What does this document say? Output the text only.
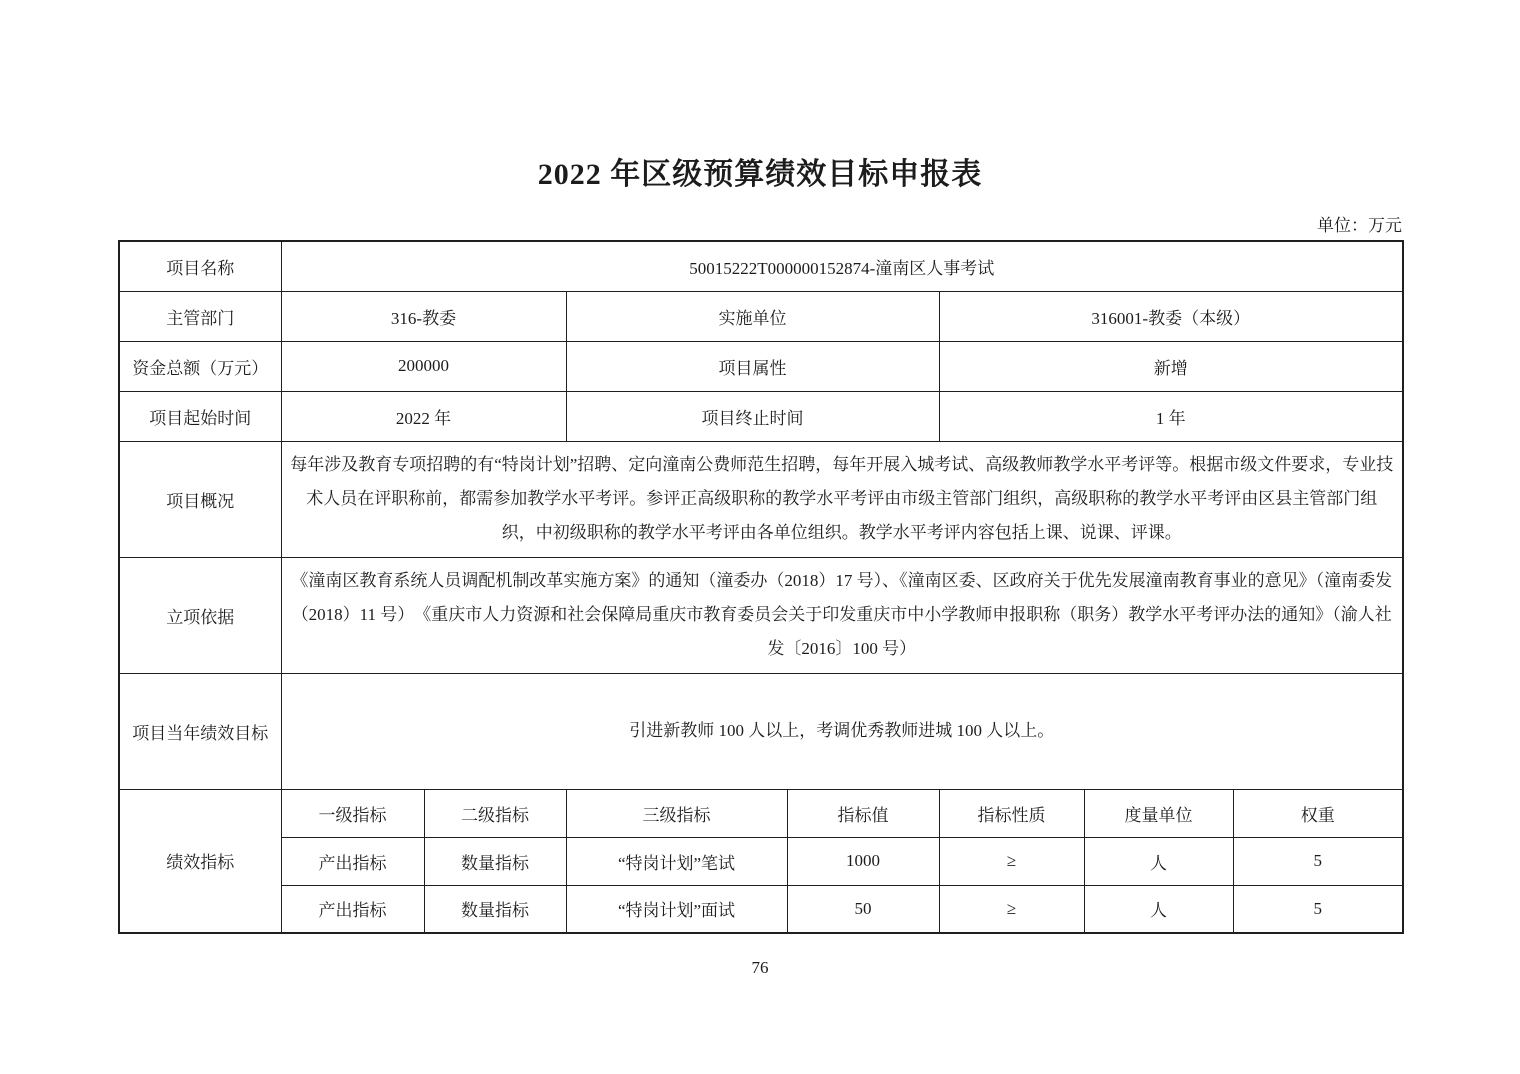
2022 年区级预算绩效目标申报表
单位：万元
项目名称	50015222T000000152874-潼南区人事考试						
主管部门	316-教委		实施单位		316001-教委（本级）		
资金总额（万元）	200000		项目属性		新增		
项目起始时间	2022 年		项目终止时间		1 年		
项目概况	每年涉及教育专项招聘的有“特岗计划”招聘、定向潼南公费师范生招聘，每年开展入城考试、高级教师教学水平考评等。根据市级文件要求，专业技术人员在评职称前，都需参加教学水平考评。参评正高级职称的教学水平考评由市级主管部门组织，高级职称的教学水平考评由区县主管部门组织，中初级职称的教学水平考评由各单位组织。教学水平考评内容包括上课、说课、评课。						
立项依据	《潼南区教育系统人员调配机制改革实施方案》的通知（潼委办（2018）17 号）、《潼南区委、区政府关于优先发展潼南教育事业的意见》（潼南委发（2018）11 号）　《重庆市人力资源和社会保障局重庆市教育委员会关于印发重庆市中小学教师申报职称（职务）教学水平考评办法的通知》（渝人社发〔2016〕100 号）						
项目当年绩效目标	引进新教师 100 人以上，考调优秀教师进城 100 人以上。						
绩效指标	一级指标	二级指标	三级指标	指标值	指标性质	度量单位	权重
	产出指标	数量指标	“特岗计划”笔试	1000	≥	人	5
	产出指标	数量指标	“特岗计划”面试	50	≥	人	5
76
